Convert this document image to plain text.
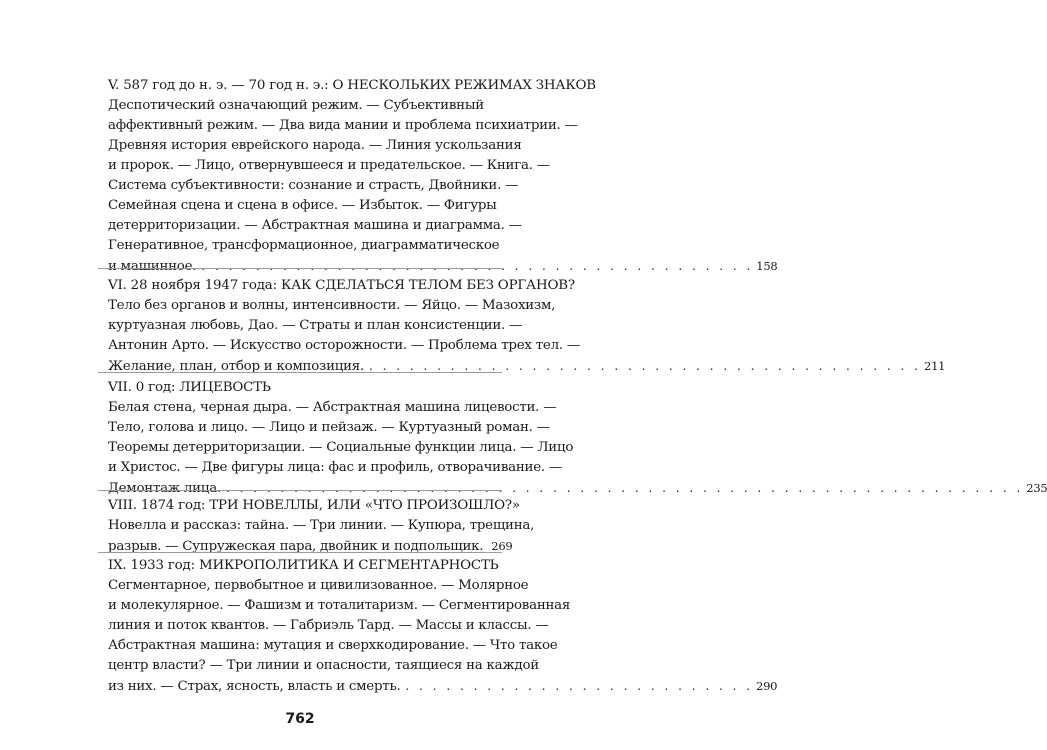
V. 587 год до н. э. — 70 год н. э.: О НЕСКОЛЬКИХ РЕЖИМАХ ЗНАКОВ
Деспотический означающий режим. — Субъективный
аффективный режим. — Два вида мании и проблема психиатрии. —
Древняя история еврейского народа. — Линия ускользания
и пророк. — Лицо, отвернувшееся и предательское. — Книга. —
Система субъективности: сознание и страсть, Двойники. —
Семейная сцена и сцена в офисе. — Избыток. — Фигуры
детерриторизации. — Абстрактная машина и диаграмма. —
Генеративное, трансформационное, диаграмматическое
и машинное. . . . . . . . . . . . . . . . . . . . . . . . . . . . . . . . . . . . . . . . . . 158
VI. 28 ноября 1947 года: КАК СДЕЛАТЬСЯ ТЕЛОМ БЕЗ ОРГАНОВ?
Тело без органов и волны, интенсивности. — Яйцо. — Мазохизм,
куртуазная любовь, Дао. — Страты и план консистенции. —
Антонин Арто. — Искусство осторожности. — Проблема трех тел. —
Желание, план, отбор и композиция. . . . . . . . . . . . . . . . . . . . . . . . . . . . . . . . . . . . . . . . . . 211
VII. 0 год: ЛИЦЕВОСТЬ
Белая стена, черная дыра. — Абстрактная машина лицевости. —
Тело, голова и лицо. — Лицо и пейзаж. — Куртуазный роман. —
Теоремы детерриторизации. — Социальные функции лица. — Лицо
и Христос. — Две фигуры лица: фас и профиль, отворачивание. —
Демонтаж лица. . . . . . . . . . . . . . . . . . . . . . . . . . . . . . . . . . . . . . . . . . . . . . . . . . . . . . . . . . . . 235
VIII. 1874 год: ТРИ НОВЕЛЛЫ, ИЛИ «ЧТО ПРОИЗОШЛО?»
Новелла и рассказ: тайна. — Три линии. — Купюра, трещина,
разрыв. — Супружеская пара, двойник и подпольщик. 269
IX. 1933 год: МИКРОПОЛИТИКА И СЕГМЕНТАРНОСТЬ
Сегментарное, первобытное и цивилизованное. — Молярное
и молекулярное. — Фашизм и тоталитаризм. — Сегментированная
линия и поток квантов. — Габриэль Тард. — Массы и классы. —
Абстрактная машина: мутация и сверхкодирование. — Что такое
центр власти? — Три линии и опасности, таящиеся на каждой
из них. — Страх, ясность, власть и смерть. . . . . . . . . . . . . . . . . . . . . . . . . . . 290
762
